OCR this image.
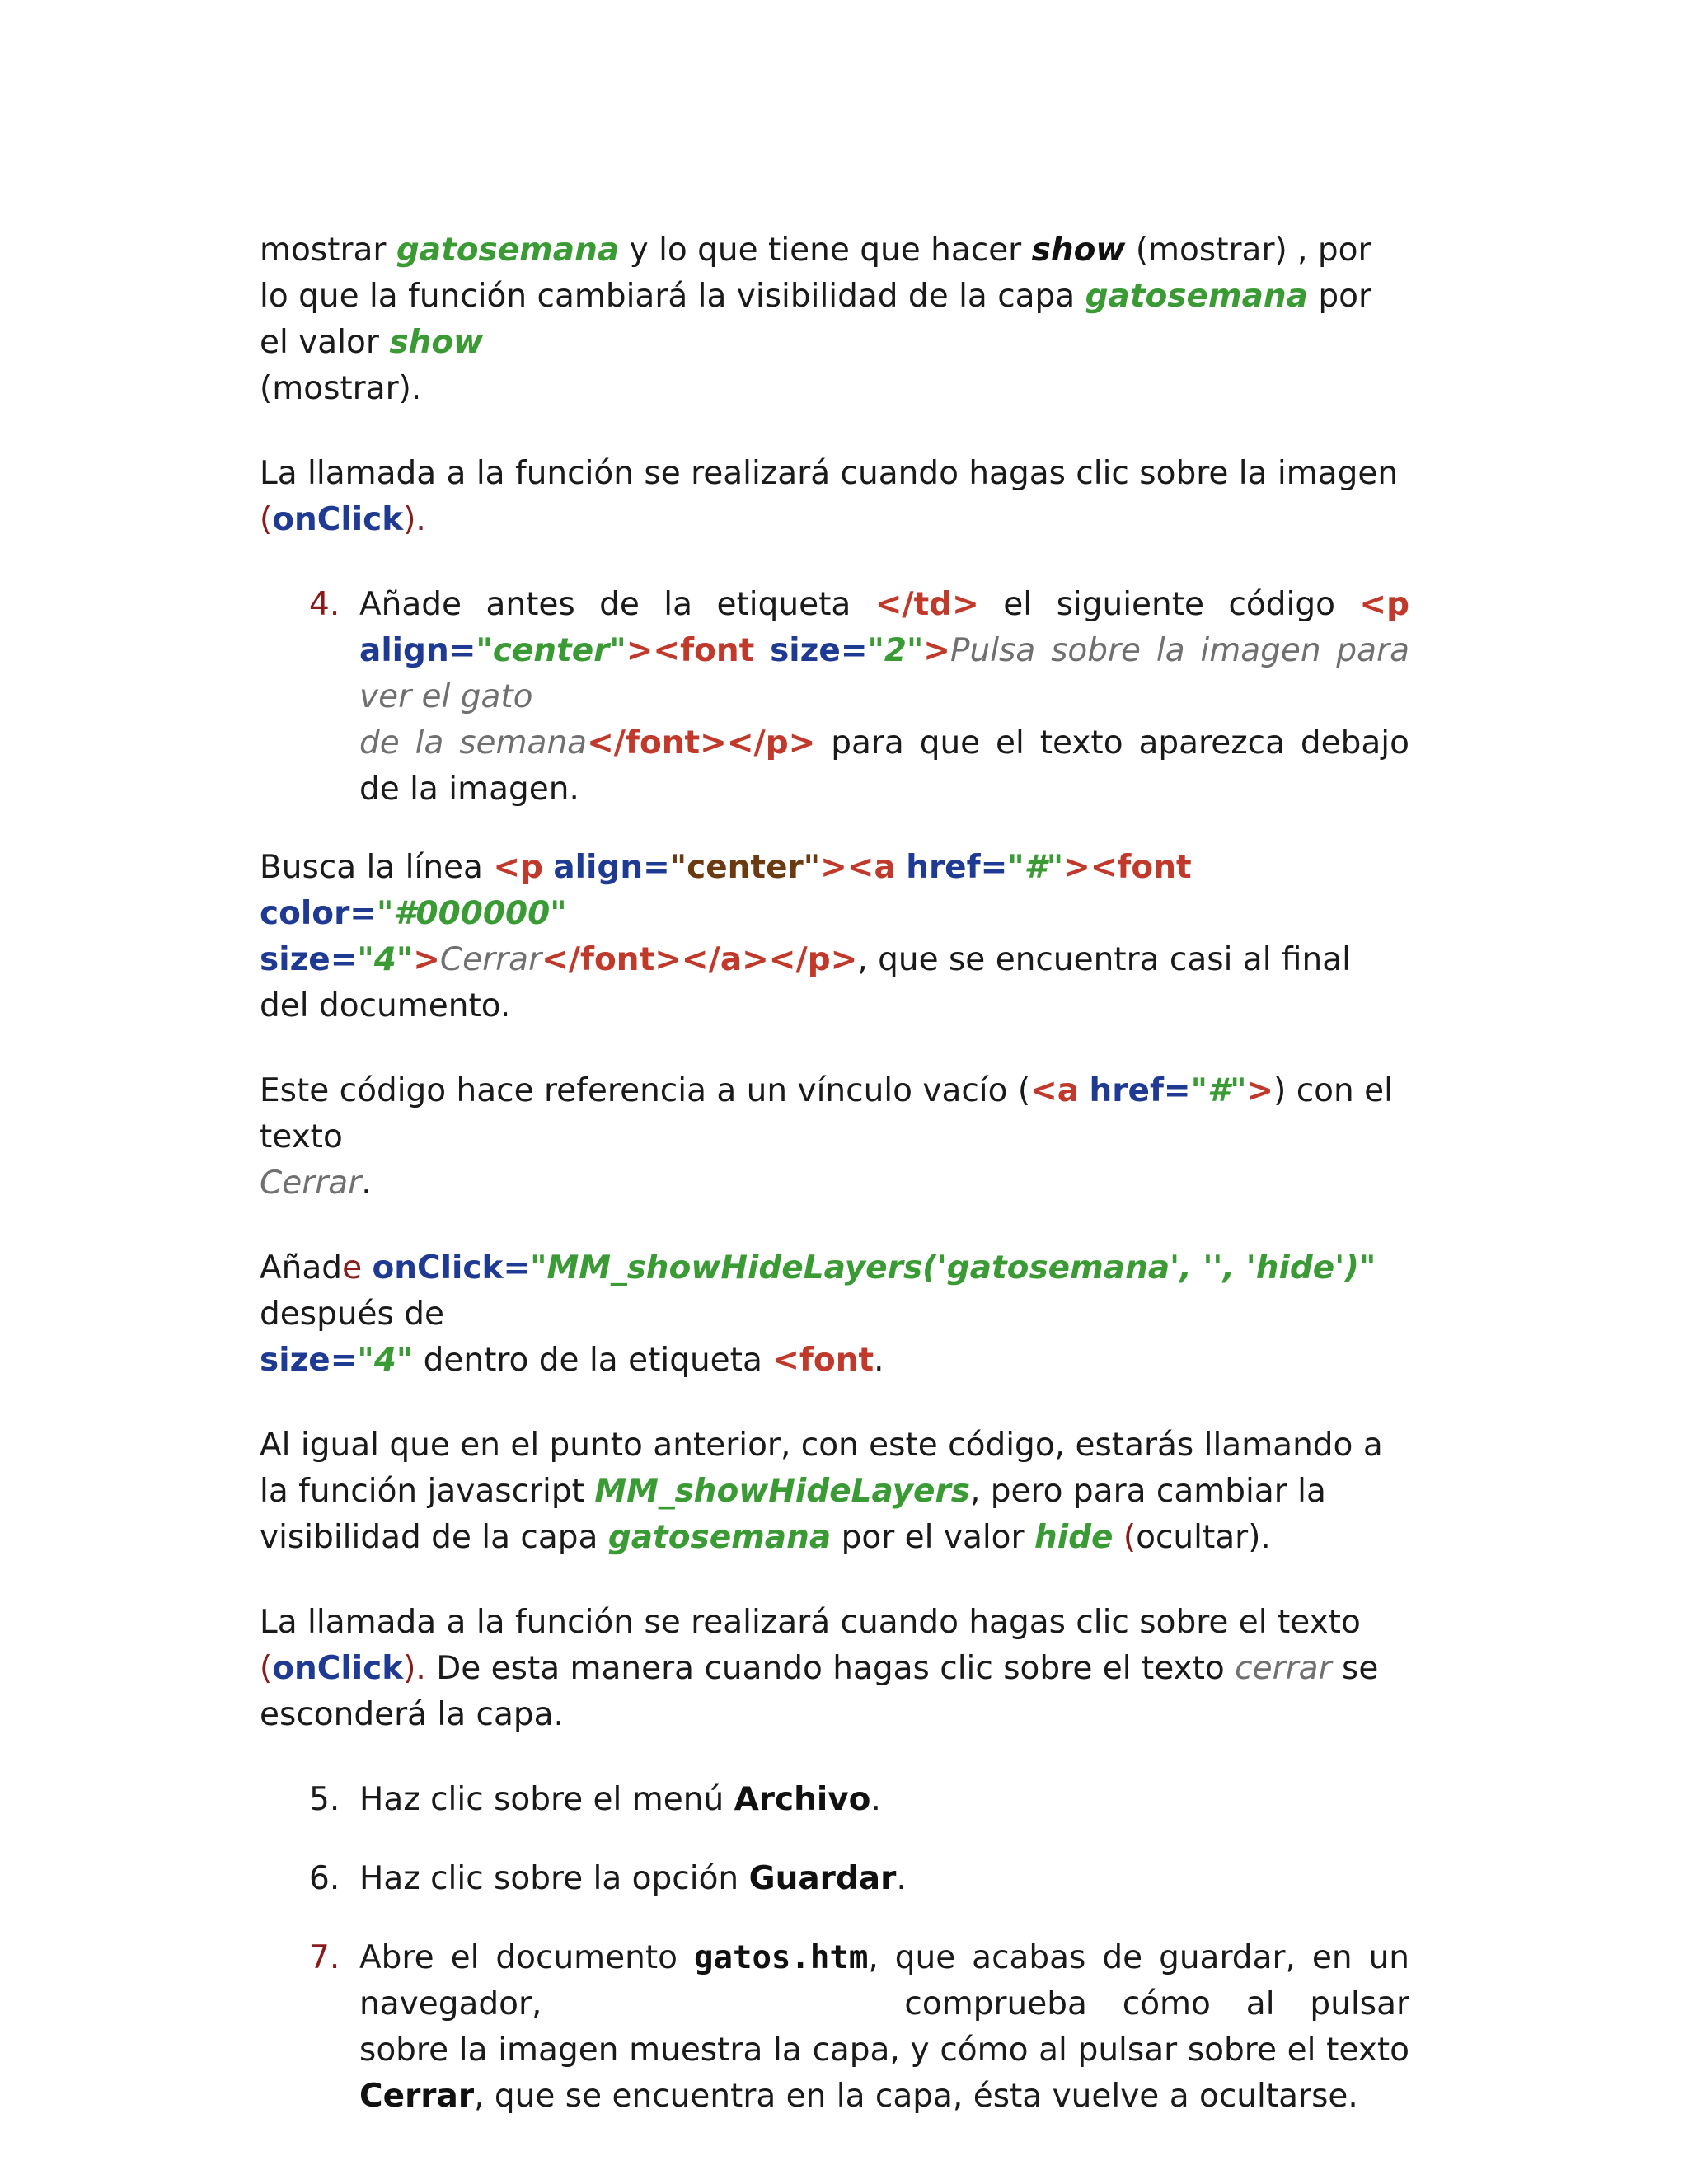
mostrar gatosemana y lo que tiene que hacer show (mostrar) , por lo que la función cambiará la visibilidad de la capa gatosemana por el valor show
(mostrar).

La llamada a la función se realizará cuando hagas clic sobre la imagen
(onClick).

4. Añade antes de la etiqueta </td> el siguiente código <p align="center"><font size="2">Pulsa sobre la imagen para ver el gato
de la semana</font></p> para que el texto aparezca debajo de la imagen.

Busca la línea <p align="center"><a href="#"><font color="#000000"
size="4">Cerrar</font></a></p>, que se encuentra casi al final del documento.

Este código hace referencia a un vínculo vacío (<a href="#">) con el texto
Cerrar.

Añade onClick="MM_showHideLayers('gatosemana', '', 'hide')" después de
size="4" dentro de la etiqueta <font.

Al igual que en el punto anterior, con este código, estarás llamando a la función javascript MM_showHideLayers, pero para cambiar la visibilidad de la capa gatosemana por el valor hide (ocultar).

La llamada a la función se realizará cuando hagas clic sobre el texto
(onClick). De esta manera cuando hagas clic sobre el texto cerrar se esconderá la capa.

5. Haz clic sobre el menú Archivo.
6. Haz clic sobre la opción Guardar.
7. Abre el documento gatos.htm, que acabas de guardar, en un navegador,	comprueba cómo al pulsar sobre la imagen muestra la capa, y cómo al pulsar sobre el texto Cerrar, que se encuentra en la capa, ésta vuelve a ocultarse.
